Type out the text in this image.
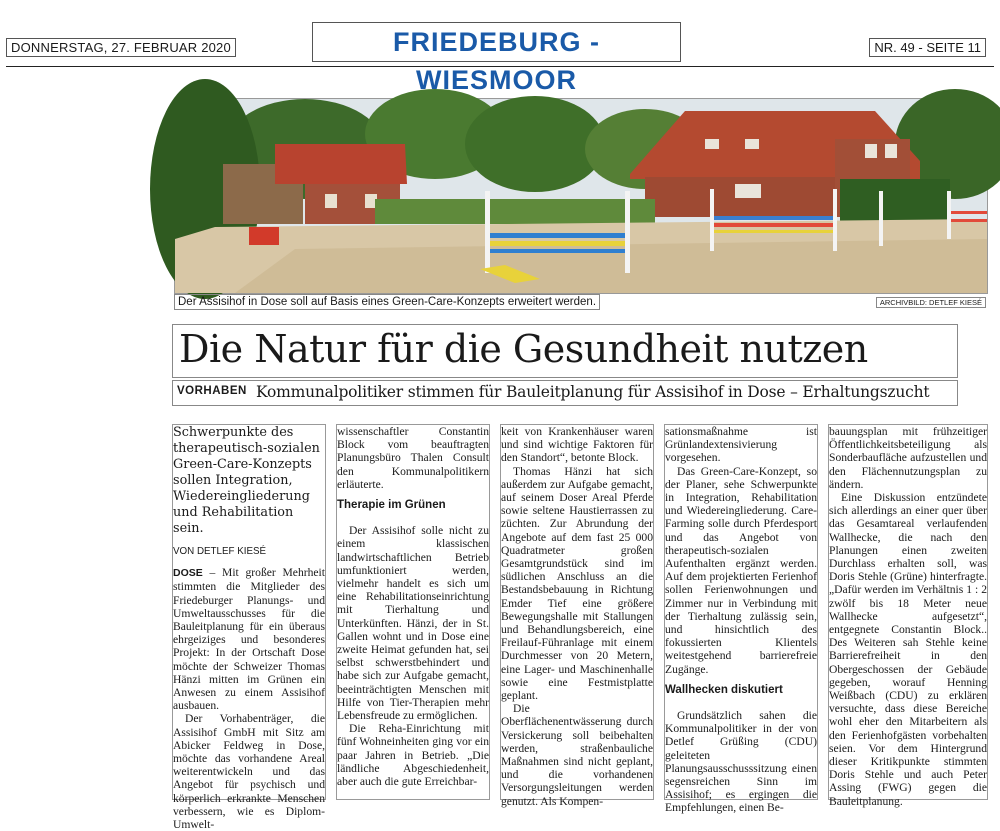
DONNERSTAG, 27. FEBRUAR 2020	FRIEDEBURG - WIESMOOR
NR. 49 - SEITE 11
Der Assisihof in Dose soll auf Basis eines Green-Care-Konzepts erweitert werden.	ARCHIVBILD: DETLEF KIESÉ
Die Natur für die Gesundheit nutzen
VORHABEN Kommunalpolitiker stimmen für Bauleitplanung für Assisihof in Dose – Erhaltungszucht
Schwerpunkte des therapeutisch-sozialen Green-Care-Konzepts sollen Integration, Wiedereingliederung und Rehabilitation sein.
VON DETLEF KIESÉ

DOSE – Mit großer Mehrheit stimmten die Mitglieder des Friedeburger Planungs- und Umweltausschusses für die Bauleitplanung für ein überaus ehrgeiziges und besonderes Projekt: In der Ortschaft Dose möchte der Schweizer Thomas Hänzi mitten im Grünen ein Anwesen zu einem Assisihof ausbauen.

Der Vorhabenträger, die Assisihof GmbH mit Sitz am Abicker Feldweg in Dose, möchte das vorhandene Areal weiterentwickeln und das Angebot für psychisch und körperlich erkrankte Menschen verbessern, wie es Diplom-Umwelt-

wissenschaftler Constantin Block vom beauftragten Planungsbüro Thalen Consult den Kommunalpolitikern erläuterte.

Therapie im Grünen

Der Assisihof solle nicht zu einem klassischen landwirtschaftlichen Betrieb umfunktioniert werden, vielmehr handelt es sich um eine Rehabilitationseinrichtung mit Tierhaltung und Unterkünften. Hänzi, der in St. Gallen wohnt und in Dose eine zweite Heimat gefunden hat, sei selbst schwerstbehindert und habe sich zur Aufgabe gemacht, beeinträchtigten Menschen mit Hilfe von Tier-Therapien mehr Lebensfreude zu ermöglichen.

Die Reha-Einrichtung mit fünf Wohneinheiten ging vor ein paar Jahren in Betrieb. „Die ländliche Abgeschiedenheit, aber auch die gute Erreichbar-

keit von Krankenhäuser waren und sind wichtige Faktoren für den Standort“, betonte Block.

Thomas Hänzi hat sich außerdem zur Aufgabe gemacht, auf seinem Doser Areal Pferde sowie seltene Haustierrassen zu züchten. Zur Abrundung der Angebote auf dem fast 25 000 Quadratmeter großen Gesamtgrundstück sind im südlichen Anschluss an die Bestandsbebauung in Richtung Emder Tief eine größere Bewegungshalle mit Stallungen und Behandlungsbereich, eine Freilauf-Führanlage mit einem Durchmesser von 20 Metern, eine Lager- und Maschinenhalle sowie eine Festmistplatte geplant.

Die Oberflächenentwässerung durch Versickerung soll beibehalten werden, straßenbauliche Maßnahmen sind nicht geplant, und die vorhandenen Versorgungsleitungen werden genutzt. Als Kompen-

sationsmaßnahme ist Grünlandextensivierung vorgesehen.

Das Green-Care-Konzept, so der Planer, sehe Schwerpunkte in Integration, Rehabilitation und Wiedereingliederung. Care-Farming solle durch Pferdesport und das Angebot von therapeutisch-sozialen Aufenthalten ergänzt werden. Auf dem projektierten Ferienhof sollen Ferienwohnungen und Zimmer nur in Verbindung mit der Tierhaltung zulässig sein, und hinsichtlich des fokussierten Klientels weitestgehend barrierefreie Zugänge.

Wallhecken diskutiert

Grundsätzlich sahen die Kommunalpolitiker in der von Detlef Grüßing (CDU) geleiteten Planungsausschusssitzung einen segensreichen Sinn im Assisihof; es ergingen die Empfehlungen, einen Be-

bauungsplan mit frühzeitiger Öffentlichkeitsbeteiligung als Sonderbaufläche aufzustellen und den Flächennutzungsplan zu ändern.

Eine Diskussion entzündete sich allerdings an einer quer über das Gesamtareal verlaufenden Wallhecke, die nach den Planungen einen zweiten Durchlass erhalten soll, was Doris Stehle (Grüne) hinterfragte. „Dafür werden im Verhältnis 1 : 2 zwölf bis 18 Meter neue Wallhecke aufgesetzt“, entgegnete Constantin Block.. Des Weiteren sah Stehle keine Barrierefreiheit in den Obergeschossen der Gebäude gegeben, worauf Henning Weißbach (CDU) zu erklären versuchte, dass diese Bereiche wohl eher den Mitarbeitern als den Ferienhofgästen vorbehalten seien. Vor dem Hintergrund dieser Kritikpunkte stimmten Doris Stehle und auch Peter Assing (FWG) gegen die Bauleitplanung.
